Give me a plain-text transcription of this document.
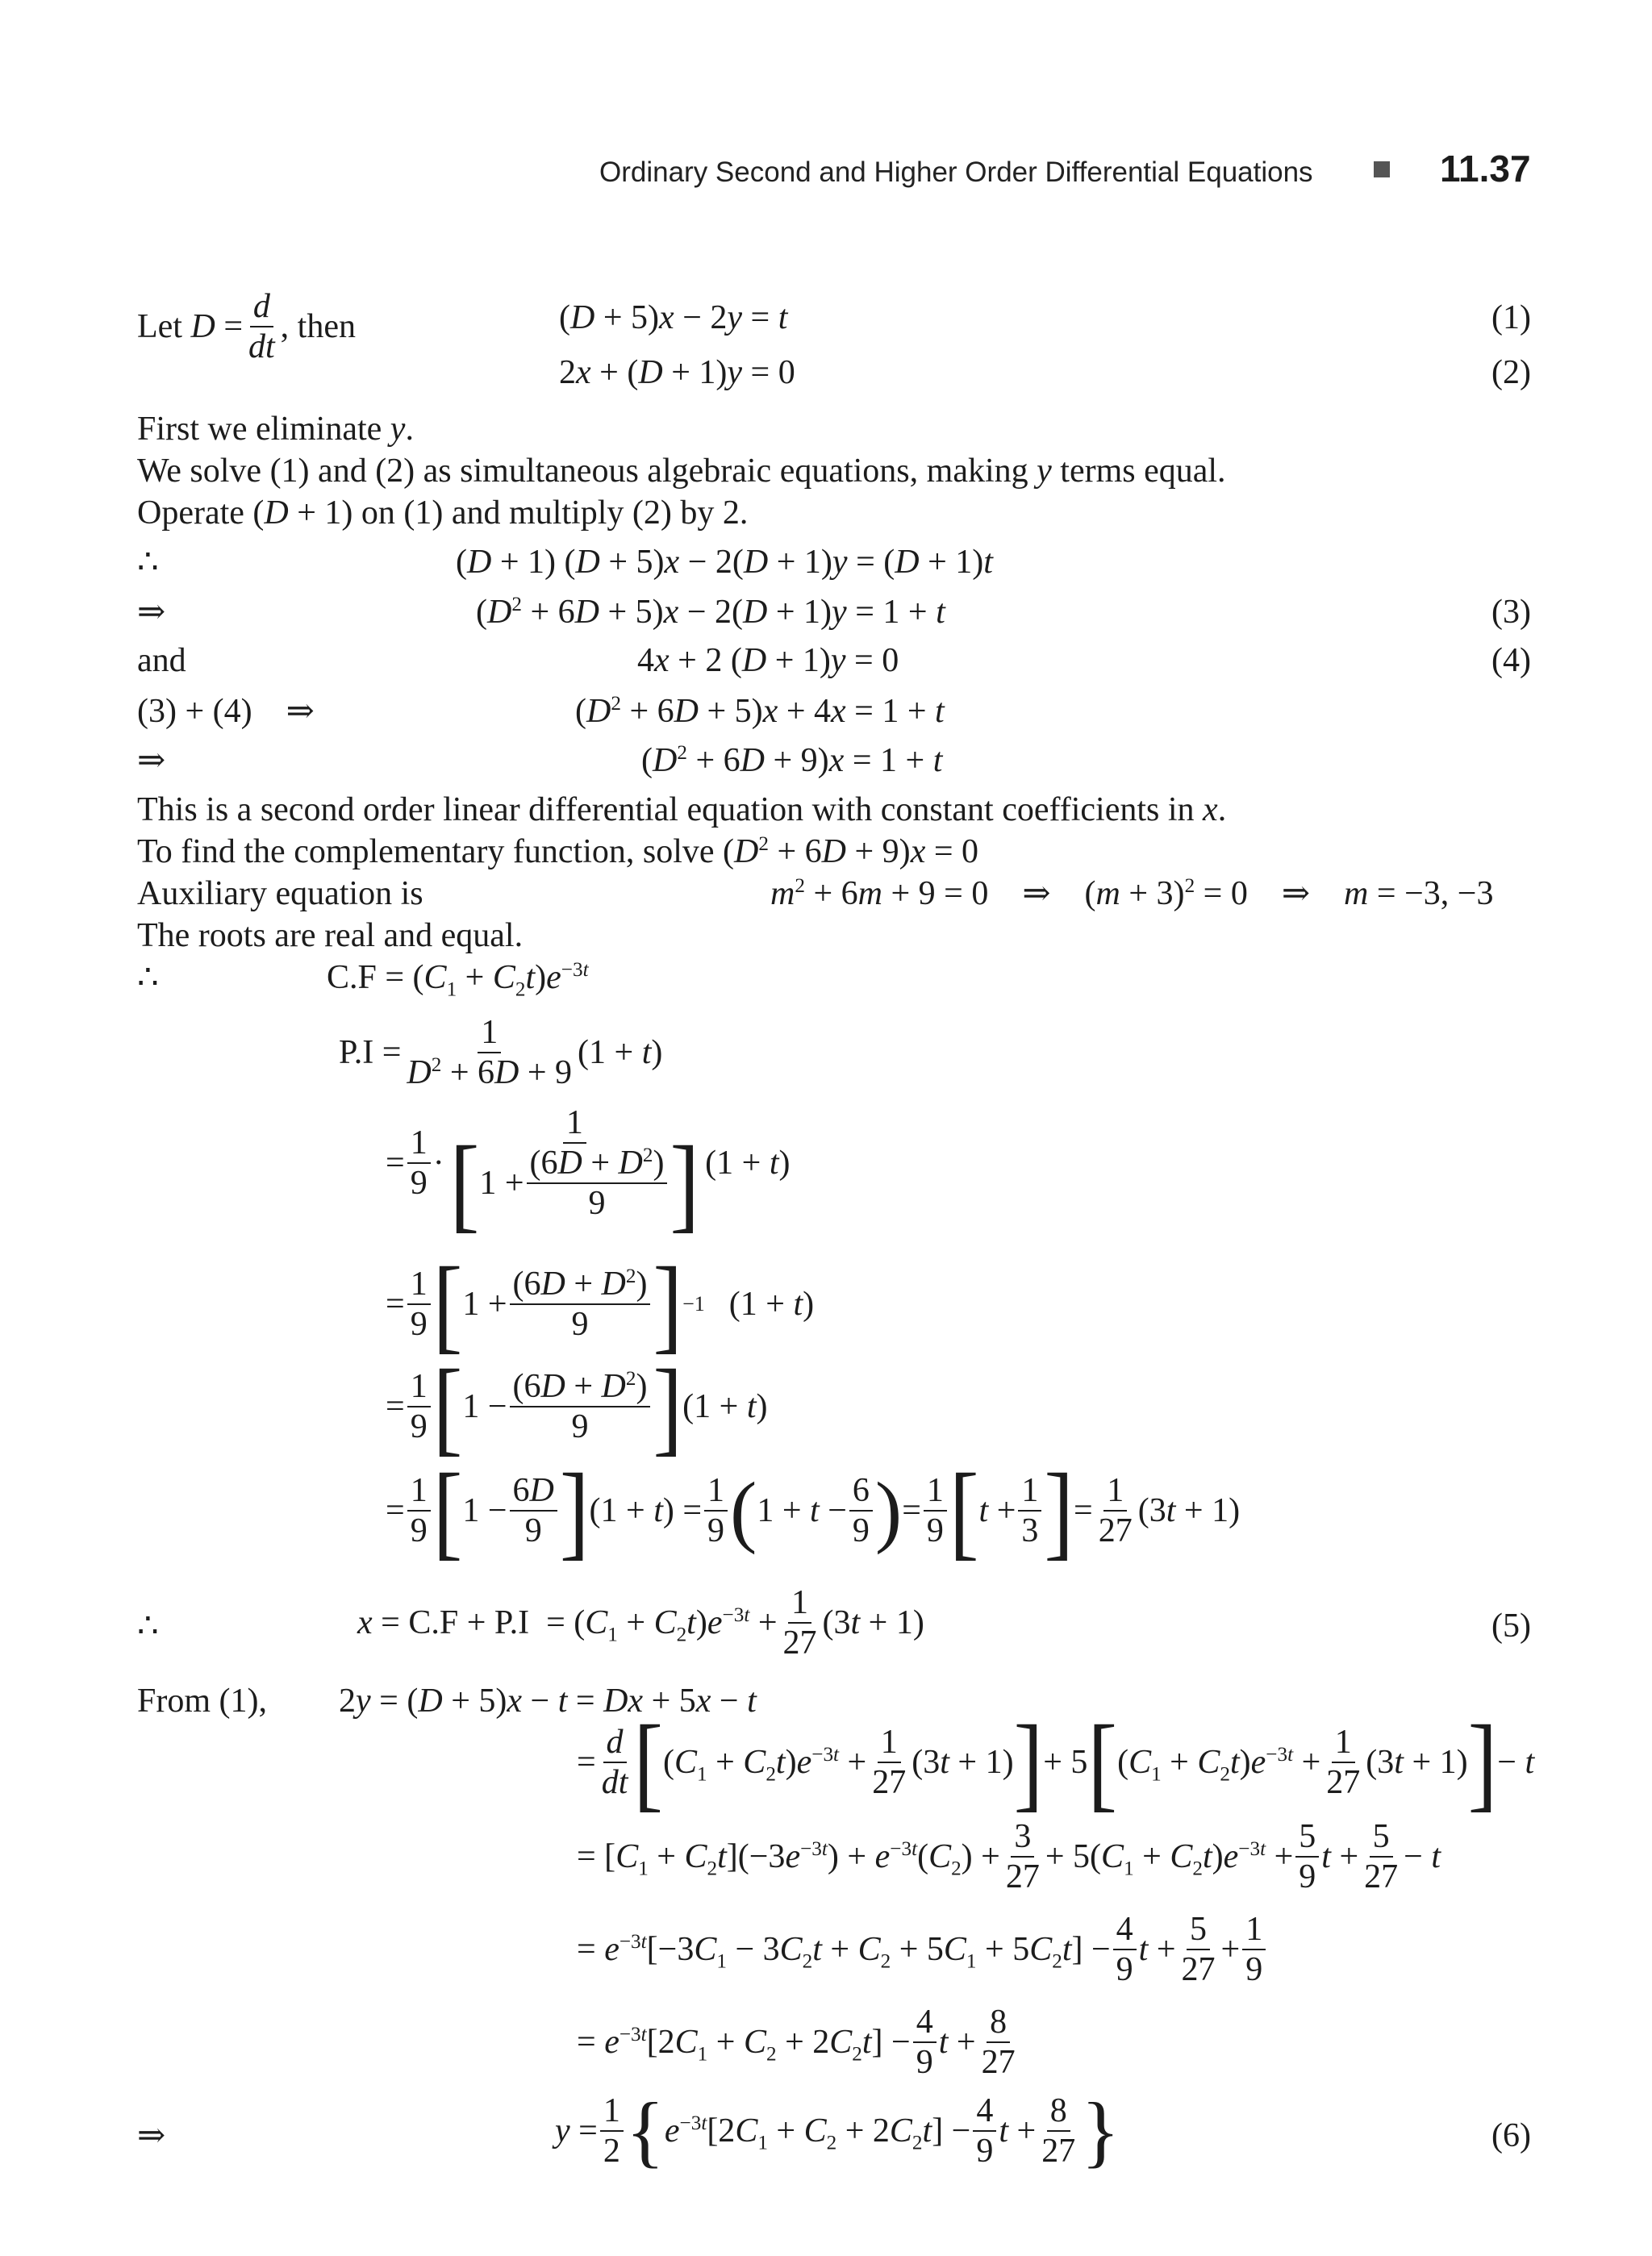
Ordinary Second and Higher Order Differential Equations	11.37
Let $D = \frac{d}{dt}$ , then	(D + 5)x − 2y = t	(1)
2x + (D + 1)y = 0	(2)
First we eliminate y.
We solve (1) and (2) as simultaneous algebraic equations, making y terms equal.
Operate (D + 1) on (1) and multiply (2) by 2.
∴	(D + 1) (D + 5)x − 2(D + 1)y = (D + 1)t
⇒	$(D^2 + 6D + 5)x - 2(D + 1)y = 1 + t$	(3)
and	4x + 2 (D + 1)y = 0	(4)
(3) + (4)    ⇒	$(D^2 + 6D + 5)x + 4x = 1 + t$
⇒	$(D^2 + 6D + 9)x = 1 + t$
This is a second order linear differential equation with constant coefficients in x.
To find the complementary function, solve $(D^2 + 6D + 9)x = 0$
Auxiliary equation is	$m^2 + 6m + 9 = 0$    ⇒    $(m + 3)^2 = 0$    ⇒    m = −3, −3
The roots are real and equal.
∴	$C.F = (C_1 + C_2t)e^{-3t}$
$P.I = \frac{1}{D^2 + 6D + 9} (1 + t)$
= $\frac{1}{9} \cdot \frac{1}{[ 1 + \frac{(6D + D^2)}{9} ]} (1 + t)$
= $\frac{1}{9}$ [ $1 + \frac{(6D + D^2)}{9}$ ] −1 (1 + t)
= $\frac{1}{9}$ [ $1 - \frac{(6D + D^2)}{9}$ ] (1 + t)
= $\frac{1}{9}$ [ $1 - \frac{6D}{9}$ ] $(1 + t) = \frac{1}{9}$ ( $1 + t - \frac{6}{9}$ ) = $\frac{1}{9}$ [ $t + \frac{1}{3}$ ] = $\frac{1}{27} (3t + 1)$
∴	$x = C.F + P.I = (C_1 + C_2t)e^{-3t} + \frac{1}{27} (3t + 1)$	(5)
From (1), 2y = (D + 5)x − t = Dx + 5x − t
= $\frac{d}{dt}$ [ $(C_1 + C_2t)e^{-3t} + \frac{1}{27} (3t + 1)$ ] + 5 [ $(C_1 + C_2t)e^{-3t} + \frac{1}{27} (3t + 1)$ ] − t
= $[C_1 + C_2t](-3e^{-3t}) + e^{-3t}(C_2) + \frac{3}{27} + 5(C_1 + C_2t)e^{-3t} + \frac{5}{9}$ $t + \frac{5}{27} - t$
= $e^{-3t}[-3C_1 - 3C_2t + C_2 + 5C_1 + 5C_2t] - \frac{4}{9}$ $t + \frac{5}{27} + \frac{1}{9}$
= $e^{-3t}[2C_1 + C_2 + 2C_2t] - \frac{4}{9}$ $t + \frac{8}{27}$
⇒	$y = \frac{1}{2}$ { $e^{-3t}[2C_1 + C_2 + 2C_2t] - \frac{4}{9}$ $t + \frac{8}{27}$ }	(6)
